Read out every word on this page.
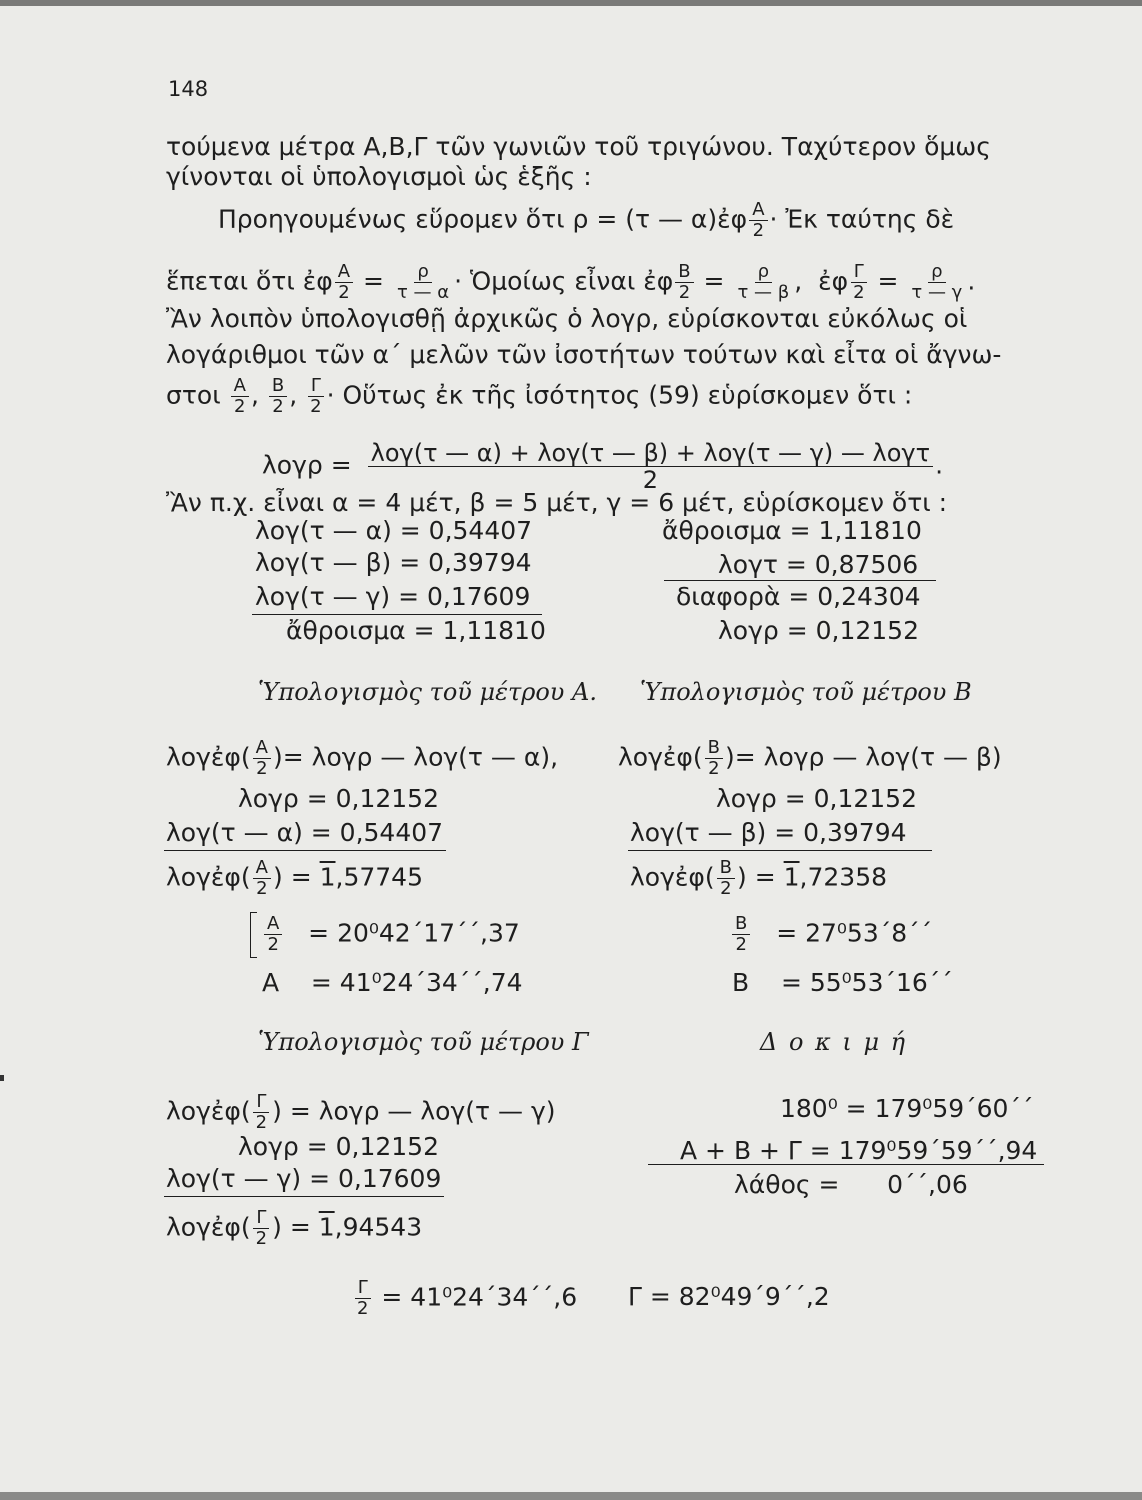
148
τούμενα μέτρα Α,Β,Γ τῶν γωνιῶν τοῦ τριγώνου. Ταχύτερον ὅμως
γίνονται οἱ ὑπολογισμοὶ ὡς ἑξῆς :
Προηγουμένως εὕρομεν ὅτι ρ = (τ — α)ἐφ $\frac{A}{2}$ · Ἐκ ταύτης δὲ
ἕπεται ὅτι ἐφ $\frac{A}{2} = \frac{\rho}{\tau — \alpha}$ · Ὁμοίως εἶναι ἐφ $\frac{B}{2} = \frac{\rho}{\tau — \beta}$ ,  ἐφ $\frac{\Gamma}{2} = \frac{\rho}{\tau — \gamma}$ .
Ἂν λοιπὸν ὑπολογισθῇ ἀρχικῶς ὁ λογρ, εὑρίσκονται εὐκόλως οἱ
λογάριθμοι τῶν α΄ μελῶν τῶν ἰσοτήτων τούτων καὶ εἶτα οἱ ἄγνω-
στοι $\frac{A}{2}$ , $\frac{B}{2}$ , $\frac{\Gamma}{2}$ · Οὕτως ἐκ τῆς ἰσότητος (59) εὑρίσκομεν ὅτι :
$\lambda o\gamma\rho = \frac{\text{λογ(τ — α) + λογ(τ — β) + λογ(τ — γ) — λογτ}}{2}$ .
Ἂν π.χ. εἶναι α = 4 μέτ, β = 5 μέτ, γ = 6 μέτ, εὑρίσκομεν ὅτι :
λογ(τ — α) = 0,54407
λογ(τ — β) = 0,39794
λογ(τ — γ) = 0,17609
ἄθροισμα = 1,11810
ἄθροισμα = 1,11810
λογτ = 0,87506
διαφορὰ = 0,24304
λογρ = 0,12152
Ὑπολογισμὸς τοῦ μέτρου Α. Ὑπολογισμὸς τοῦ μέτρου Β
λογἐφ( $\frac{A}{2}$ )= λογρ — λογ(τ — α),
λογρ = 0,12152
λογ(τ — α) = 0,54407
λογἐφ( $\frac{A}{2}$ ) = 1,57745
$\frac{A}{2} = 20^042΄17΄΄,37$
Α = 41⁰24΄34΄΄,74
λογἐφ( $\frac{B}{2}$ )= λογρ — λογ(τ — β)
λογρ = 0,12152
λογ(τ — β) = 0,39794
λογἐφ( $\frac{B}{2}$ ) = 1,72358
$\frac{B}{2} = 27^053΄8΄΄$
Β = 55⁰53΄16΄΄
Ὑπολογισμὸς τοῦ μέτρου Γ	Δ ο κ ι μ ή
λογἐφ( $\frac{\Gamma}{2}$ ) = λογρ — λογ(τ — γ)
λογρ = 0,12152
λογ(τ — γ) = 0,17609
λογἐφ( $\frac{\Gamma}{2}$ ) = 1,94543
$\frac{\Gamma}{2} = 41^024΄34΄΄,6$ Γ = 82⁰49΄9΄΄,2
180⁰ = 179⁰59΄60΄΄
Α + Β + Γ = 179⁰59΄59΄΄,94
λάθος =      0΄΄,06
